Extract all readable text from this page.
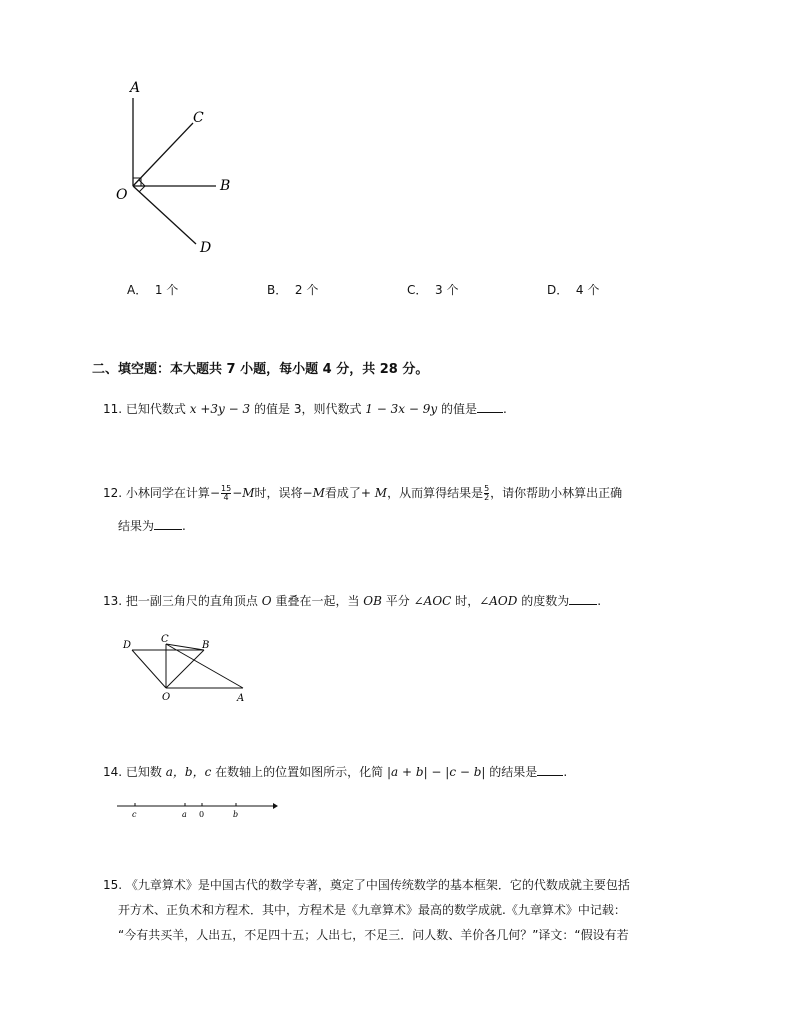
A
C
B
O
D
A． 1 个	B． 2 个	C． 3 个	D． 4 个
二、填空题：本大题共 7 小题，每小题 4 分，共 28 分。
11. 已知代数式 x +3y − 3 的值是 3，则代数式 1 − 3x − 9y 的值是 .
12. 小林同学在计算− $\frac{15}{4} -M$时，误将−M看成了+ M，从而算得结果是 $\frac{5}{2}$ ，请你帮助小林算出正确
结果为 .
13. 把一副三角尺的直角顶点 O 重叠在一起，当 OB 平分 ∠AOC 时，∠AOD 的度数为 .
D
C
B
O	A
14. 已知数 a，b，c 在数轴上的位置如图所示，化简 |a + b| − |c − b| 的结果是 .
c	a 0	b
15. 《九章算术》是中国古代的数学专著，奠定了中国传统数学的基本框架．它的代数成就主要包括
开方术、正负术和方程术．其中，方程术是《九章算术》最高的数学成就.《九章算术》中记载：
“今有共买羊，人出五，不足四十五；人出七，不足三．问人数、羊价各几何？”译文：“假设有若
